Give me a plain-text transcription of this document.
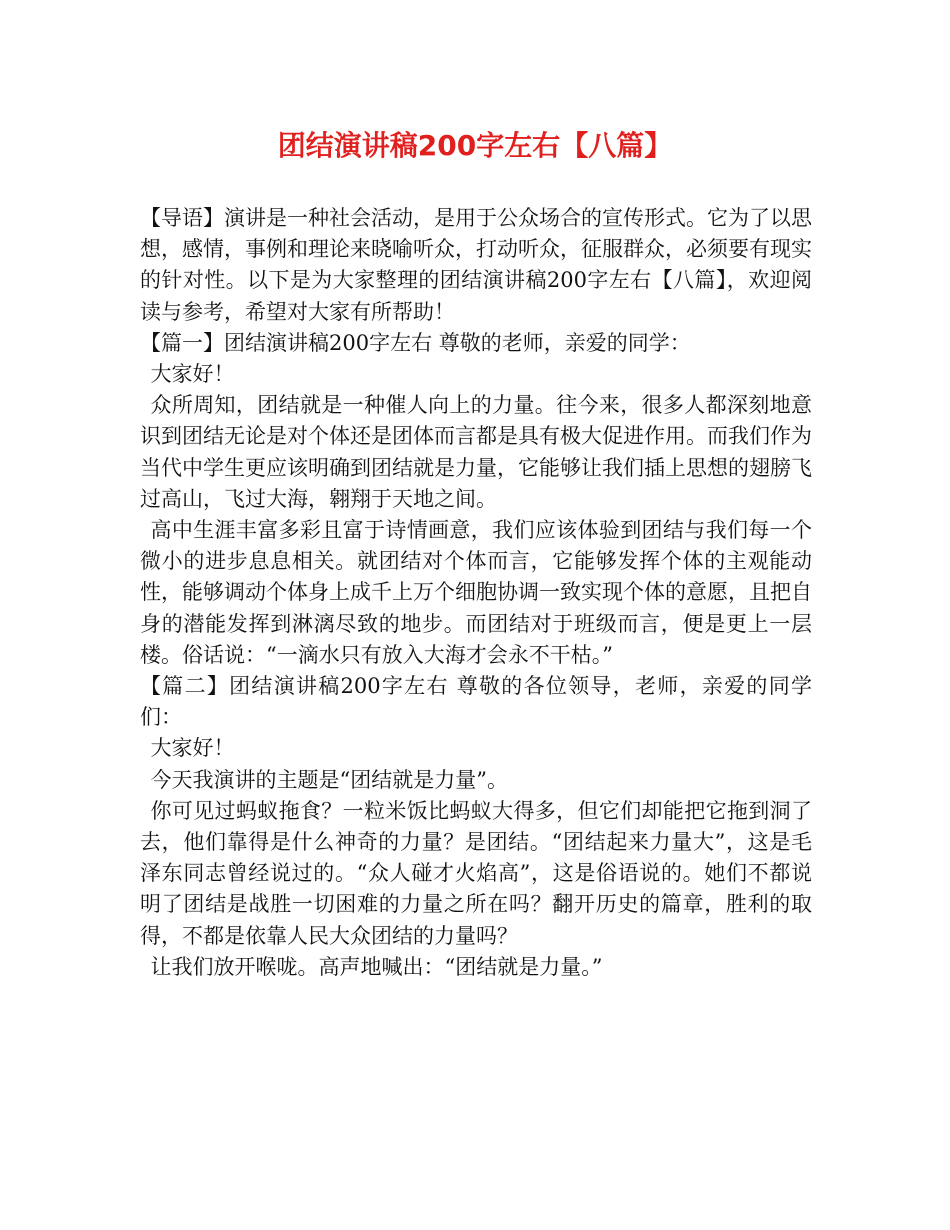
团结演讲稿200字左右【八篇】

【导语】演讲是一种社会活动，是用于公众场合的宣传形式。它为了以思想，感情，事例和理论来晓喻听众，打动听众，征服群众，必须要有现实的针对性。以下是为大家整理的团结演讲稿200字左右【八篇】，欢迎阅读与参考，希望对大家有所帮助！

【篇一】团结演讲稿200字左右 尊敬的老师，亲爱的同学：

大家好！

众所周知，团结就是一种催人向上的力量。往今来，很多人都深刻地意识到团结无论是对个体还是团体而言都是具有极大促进作用。而我们作为当代中学生更应该明确到团结就是力量，它能够让我们插上思想的翅膀飞过高山，飞过大海，翱翔于天地之间。

高中生涯丰富多彩且富于诗情画意，我们应该体验到团结与我们每一个微小的进步息息相关。就团结对个体而言，它能够发挥个体的主观能动性，能够调动个体身上成千上万个细胞协调一致实现个体的意愿，且把自身的潜能发挥到淋漓尽致的地步。而团结对于班级而言，便是更上一层楼。俗话说：“一滴水只有放入大海才会永不干枯。”

【篇二】团结演讲稿200字左右 尊敬的各位领导，老师，亲爱的同学们：

大家好！

今天我演讲的主题是“团结就是力量”。

你可见过蚂蚁拖食？一粒米饭比蚂蚁大得多，但它们却能把它拖到洞了去，他们靠得是什么神奇的力量？是团结。“团结起来力量大”，这是毛泽东同志曾经说过的。“众人碰才火焰高”，这是俗语说的。她们不都说明了团结是战胜一切困难的力量之所在吗？翻开历史的篇章，胜利的取得，不都是依靠人民大众团结的力量吗？

让我们放开喉咙。高声地喊出：“团结就是力量。”
